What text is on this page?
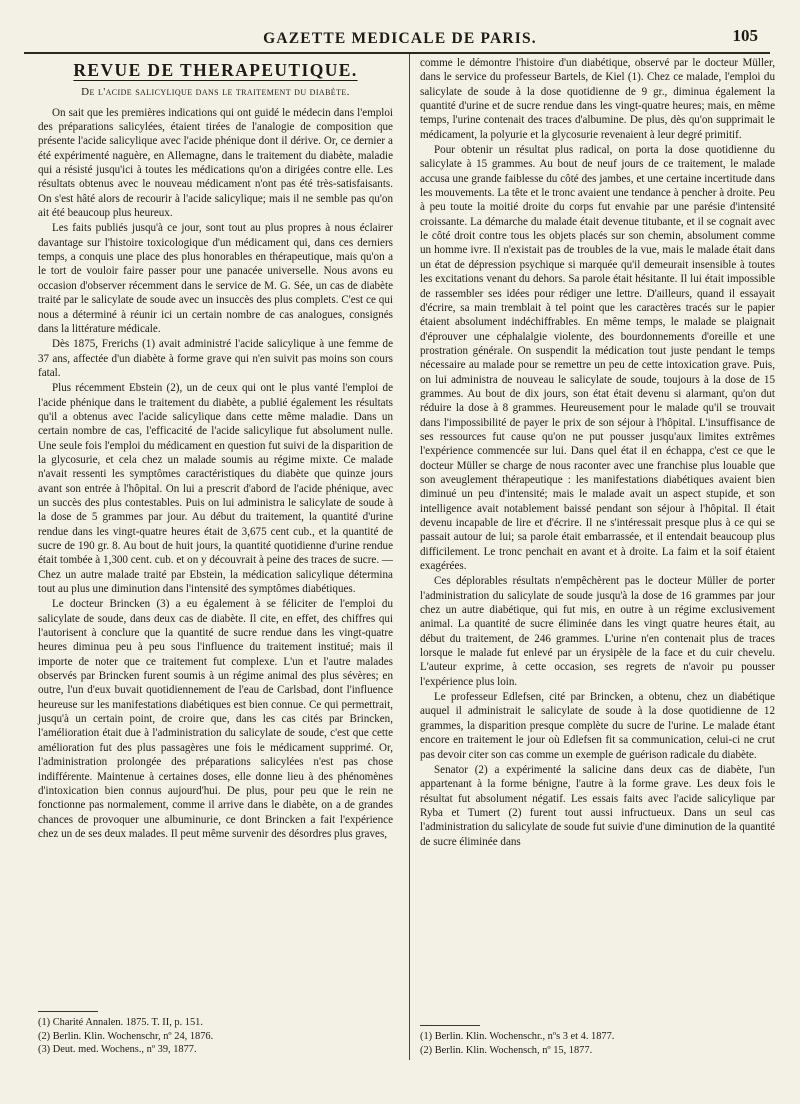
GAZETTE MEDICALE DE PARIS.	105
REVUE DE THERAPEUTIQUE.
De l'acide salicylique dans le traitement du diabète.

On sait que les premières indications qui ont guidé le médecin dans l'emploi des préparations salicylées, étaient tirées de l'analogie de composition que présente l'acide salicylique avec l'acide phénique dont il dérive. Or, ce dernier a été expérimenté naguère, en Allemagne, dans le traitement du diabète, maladie qui a résisté jusqu'ici à toutes les médications qu'on a dirigées contre elle. Les résultats obtenus avec le nouveau médicament n'ont pas été très-satisfaisants. On s'est hâté alors de recourir à l'acide salicylique; mais il ne semble pas qu'on ait été beaucoup plus heureux.

Les faits publiés jusqu'à ce jour, sont tout au plus propres à nous éclairer davantage sur l'histoire toxicologique d'un médicament qui, dans ces derniers temps, a conquis une place des plus honorables en thérapeutique, mais qu'on a le tort de vouloir faire passer pour une panacée universelle. Nous avons eu occasion d'observer récemment dans le service de M. G. Sée, un cas de diabète traité par le salicylate de soude avec un insuccès des plus complets. C'est ce qui nous a déterminé à réunir ici un certain nombre de cas analogues, consignés dans la littérature médicale.

Dès 1875, Frerichs (1) avait administré l'acide salicylique à une femme de 37 ans, affectée d'un diabète à forme grave qui n'en suivit pas moins son cours fatal.

Plus récemment Ebstein (2), un de ceux qui ont le plus vanté l'emploi de l'acide phénique dans le traitement du diabète, a publié également les résultats qu'il a obtenus avec l'acide salicylique dans cette même maladie. Dans un certain nombre de cas, l'efficacité de l'acide salicylique fut absolument nulle. Une seule fois l'emploi du médicament en question fut suivi de la disparition de la glycosurie, et cela chez un malade soumis au régime mixte. Ce malade n'avait ressenti les symptômes caractéristiques du diabète que quinze jours avant son entrée à l'hôpital. On lui a prescrit d'abord de l'acide phénique, avec un succès des plus contestables. Puis on lui administra le salicylate de soude à la dose de 5 grammes par jour. Au début du traitement, la quantité d'urine rendue dans les vingt-quatre heures était de 3,675 cent cub., et la quantité de sucre de 190 gr. 8. Au bout de huit jours, la quantité quotidienne d'urine rendue était tombée à 1,300 cent. cub. et on y découvrait à peine des traces de sucre. — Chez un autre malade traité par Ebstein, la médication salicylique détermina tout au plus une diminution dans l'intensité des symptômes diabétiques.

Le docteur Brincken (3) a eu également à se féliciter de l'emploi du salicylate de soude, dans deux cas de diabète. Il cite, en effet, des chiffres qui l'autorisent à conclure que la quantité de sucre rendue dans les vingt-quatre heures diminua peu à peu sous l'influence du traitement institué; mais il importe de noter que ce traitement fut complexe. L'un et l'autre malades observés par Brincken furent soumis à un régime animal des plus sévères; en outre, l'un d'eux buvait quotidiennement de l'eau de Carlsbad, dont l'influence heureuse sur les manifestations diabétiques est bien connue. Ce qui permettrait, jusqu'à un certain point, de croire que, dans les cas cités par Brincken, l'amélioration était due à l'administration du salicylate de soude, c'est que cette amélioration fut des plus passagères une fois le médicament supprimé. Or, l'administration prolongée des préparations salicylées n'est pas chose indifférente. Maintenue à certaines doses, elle donne lieu à des phénomènes d'intoxication bien connus aujourd'hui. De plus, pour peu que le rein ne fonctionne pas normalement, comme il arrive dans le diabète, on a de grandes chances de provoquer une albuminurie, ce dont Brincken a fait l'expérience chez un de ses deux malades. Il peut même survenir des désordres plus graves,

comme le démontre l'histoire d'un diabétique, observé par le docteur Müller, dans le service du professeur Bartels, de Kiel (1). Chez ce malade, l'emploi du salicylate de soude à la dose quotidienne de 9 gr., diminua également la quantité d'urine et de sucre rendue dans les vingt-quatre heures; mais, en même temps, l'urine contenait des traces d'albumine. De plus, dès qu'on supprimait le médicament, la polyurie et la glycosurie revenaient à leur degré primitif.

Pour obtenir un résultat plus radical, on porta la dose quotidienne du salicylate à 15 grammes. Au bout de neuf jours de ce traitement, le malade accusa une grande faiblesse du côté des jambes, et une certaine incertitude dans les mouvements. La tête et le tronc avaient une tendance à pencher à droite. Peu à peu toute la moitié droite du corps fut envahie par une parésie d'intensité croissante. La démarche du malade était devenue titubante, et il se cognait avec le côté droit contre tous les objets placés sur son chemin, absolument comme un homme ivre. Il n'existait pas de troubles de la vue, mais le malade était dans un état de dépression psychique si marquée qu'il demeurait insensible à toutes les excitations venant du dehors. Sa parole était hésitante. Il lui était impossible de rassembler ses idées pour rédiger une lettre. D'ailleurs, quand il essayait d'écrire, sa main tremblait à tel point que les caractères tracés sur le papier étaient absolument indéchiffrables. En même temps, le malade se plaignait d'éprouver une céphalalgie violente, des bourdonnements d'oreille et une prostration générale. On suspendit la médication tout juste pendant le temps nécessaire au malade pour se remettre un peu de cette intoxication grave. Puis, on lui administra de nouveau le salicylate de soude, toujours à la dose de 15 grammes. Au bout de dix jours, son état était devenu si alarmant, qu'on dut réduire la dose à 8 grammes. Heureusement pour le malade qu'il se trouvait dans l'impossibilité de payer le prix de son séjour à l'hôpital. L'insuffisance de ses ressources fut cause qu'on ne put pousser jusqu'aux limites extrêmes l'expérience commencée sur lui. Dans quel état il en échappa, c'est ce que le docteur Müller se charge de nous raconter avec une franchise plus louable que son aveuglement thérapeutique : les manifestations diabétiques avaient bien diminué un peu d'intensité; mais le malade avait un aspect stupide, et son intelligence avait notablement baissé pendant son séjour à l'hôpital. Il était devenu incapable de lire et d'écrire. Il ne s'intéressait presque plus à ce qui se passait autour de lui; sa parole était embarrassée, et il entendait beaucoup plus difficilement. Le tronc penchait en avant et à droite. La faim et la soif étaient exagérées.

Ces déplorables résultats n'empêchèrent pas le docteur Müller de porter l'administration du salicylate de soude jusqu'à la dose de 16 grammes par jour chez un autre diabétique, qui fut mis, en outre à un régime exclusivement animal. La quantité de sucre éliminée dans les vingt quatre heures était, au début du traitement, de 246 grammes. L'urine n'en contenait plus de traces lorsque le malade fut enlevé par un érysipèle de la face et du cuir chevelu. L'auteur exprime, à cette occasion, ses regrets de n'avoir pu pousser l'expérience plus loin.

Le professeur Edlefsen, cité par Brincken, a obtenu, chez un diabétique auquel il administrait le salicylate de soude à la dose quotidienne de 12 grammes, la disparition presque complète du sucre de l'urine. Le malade étant encore en traitement le jour où Edlefsen fit sa communication, celui-ci ne crut pas devoir citer son cas comme un exemple de guérison radicale du diabète.

Senator (2) a expérimenté la salicine dans deux cas de diabète, l'un appartenant à la forme bénigne, l'autre à la forme grave. Les deux fois le résultat fut absolument négatif. Les essais faits avec l'acide salicylique par Ryba et Tumert (2) furent tout aussi infructueux. Dans un seul cas l'administration du salicylate de soude fut suivie d'une diminution de la quantité de sucre éliminée dans

(1) Charité Annalen. 1875. T. II, p. 151.
(2) Berlin. Klin. Wochenschr, nº 24, 1876.
(3) Deut. med. Wochens., nº 39, 1877.
(1) Berlin. Klin. Wochenschr., nºs 3 et 4. 1877.
(2) Berlin. Klin. Wochensch, nº 15, 1877.
